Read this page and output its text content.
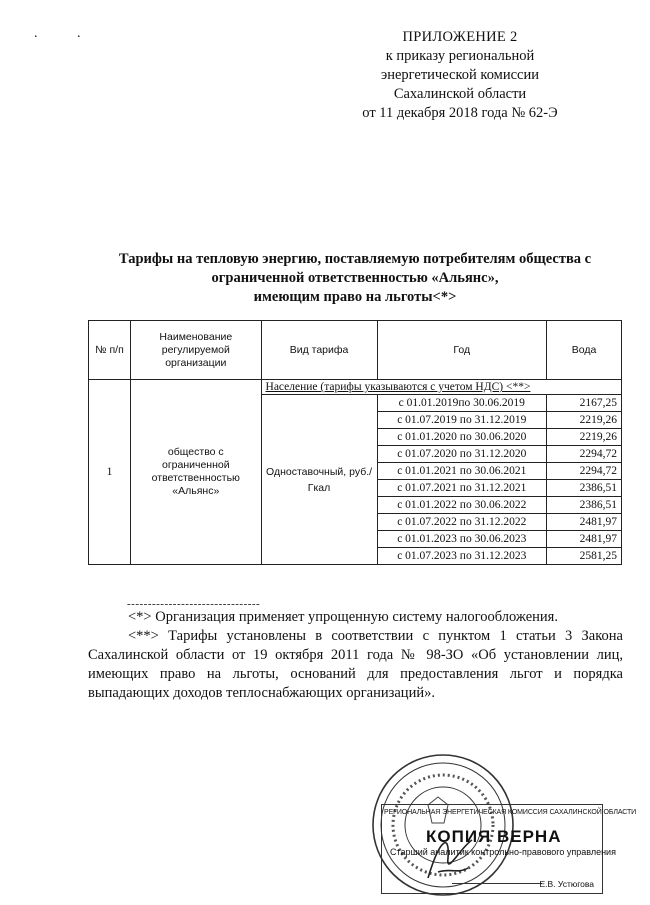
. .	ПРИЛОЖЕНИЕ 2
к приказу региональной
энергетической комиссии
Сахалинской области
от 11 декабря 2018 года № 62-Э
Тарифы на тепловую энергию, поставляемую потребителям общества с
ограниченной ответственностью «Альянс»,
имеющим право на льготы<*>
№ п/п	Наименование регулируемой организации	Вид тарифа	Год	Вода
1	общество с ограниченной ответственностью «Альянс»	Население (тарифы указываются с учетом НДС) <**>		
		Одноставочный, руб./Гкал	с 01.01.2019по 30.06.2019	2167,25
			с 01.07.2019 по 31.12.2019	2219,26
			с 01.01.2020 по 30.06.2020	2219,26
			с 01.07.2020 по 31.12.2020	2294,72
			с 01.01.2021 по 30.06.2021	2294,72
			с 01.07.2021 по 31.12.2021	2386,51
			с 01.01.2022 по 30.06.2022	2386,51
			с 01.07.2022 по 31.12.2022	2481,97
			с 01.01.2023 по 30.06.2023	2481,97
			с 01.07.2023 по 31.12.2023	2581,25
--------------------------------

<*> Организация применяет упрощенную систему налогообложения.

<**> Тарифы установлены в соответствии с пунктом 1 статьи 3 Закона Сахалинской области от 19 октября 2011 года № 98-ЗО «Об установлении лиц, имеющих право на льготы, оснований для предоставления льгот и порядка выпадающих доходов теплоснабжающих организаций».

РЕГИОНАЛЬНАЯ ЭНЕРГЕТИЧЕСКАЯ КОМИССИЯ САХАЛИНСКОЙ ОБЛАСТИ
КОПИЯ ВЕРНА
Старший аналитик контрольно-правового управления
Е.В. Устюгова
